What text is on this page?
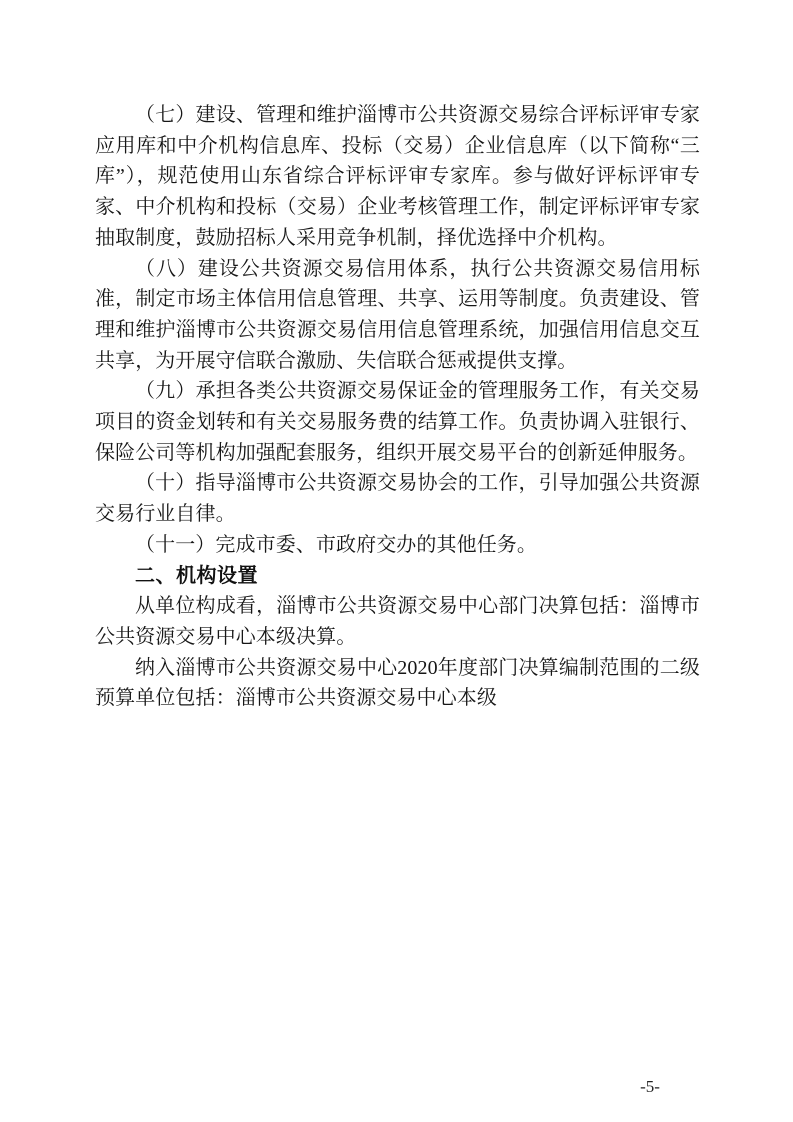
（七）建设、管理和维护淄博市公共资源交易综合评标评审专家应用库和中介机构信息库、投标（交易）企业信息库（以下简称“三库”），规范使用山东省综合评标评审专家库。参与做好评标评审专家、中介机构和投标（交易）企业考核管理工作，制定评标评审专家抽取制度，鼓励招标人采用竞争机制，择优选择中介机构。

（八）建设公共资源交易信用体系，执行公共资源交易信用标准，制定市场主体信用信息管理、共享、运用等制度。负责建设、管理和维护淄博市公共资源交易信用信息管理系统，加强信用信息交互共享，为开展守信联合激励、失信联合惩戒提供支撑。

（九）承担各类公共资源交易保证金的管理服务工作，有关交易项目的资金划转和有关交易服务费的结算工作。负责协调入驻银行、保险公司等机构加强配套服务，组织开展交易平台的创新延伸服务。

（十）指导淄博市公共资源交易协会的工作，引导加强公共资源交易行业自律。

（十一）完成市委、市政府交办的其他任务。

二、机构设置

从单位构成看，淄博市公共资源交易中心部门决算包括：淄博市公共资源交易中心本级决算。

纳入淄博市公共资源交易中心2020年度部门决算编制范围的二级预算单位包括：淄博市公共资源交易中心本级

-5-
